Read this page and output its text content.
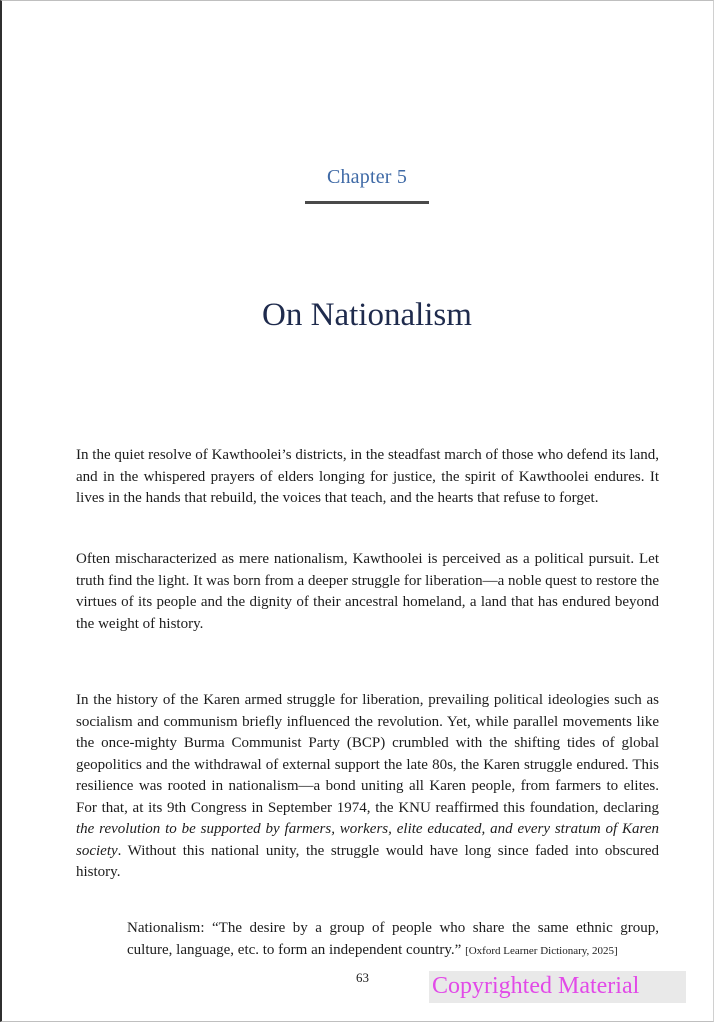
Chapter 5
On Nationalism
In the quiet resolve of Kawthoolei’s districts, in the steadfast march of those who defend its land, and in the whispered prayers of elders longing for justice, the spirit of Kawthoolei endures. It lives in the hands that rebuild, the voices that teach, and the hearts that refuse to forget.
Often mischaracterized as mere nationalism, Kawthoolei is perceived as a political pursuit. Let truth find the light. It was born from a deeper struggle for liberation—a noble quest to restore the virtues of its people and the dignity of their ancestral homeland, a land that has endured beyond the weight of history.
In the history of the Karen armed struggle for liberation, prevailing political ideologies such as socialism and communism briefly influenced the revolution. Yet, while parallel movements like the once-mighty Burma Communist Party (BCP) crumbled with the shifting tides of global geopolitics and the withdrawal of external support the late 80s, the Karen struggle endured. This resilience was rooted in nationalism—a bond uniting all Karen people, from farmers to elites. For that, at its 9th Congress in September 1974, the KNU reaffirmed this foundation, declaring the revolution to be supported by farmers, workers, elite educated, and every stratum of Karen society. Without this national unity, the struggle would have long since faded into obscured history.
Nationalism: “The desire by a group of people who share the same ethnic group, culture, language, etc. to form an independent country.” [Oxford Learner Dictionary, 2025]
63	Copyrighted Material
